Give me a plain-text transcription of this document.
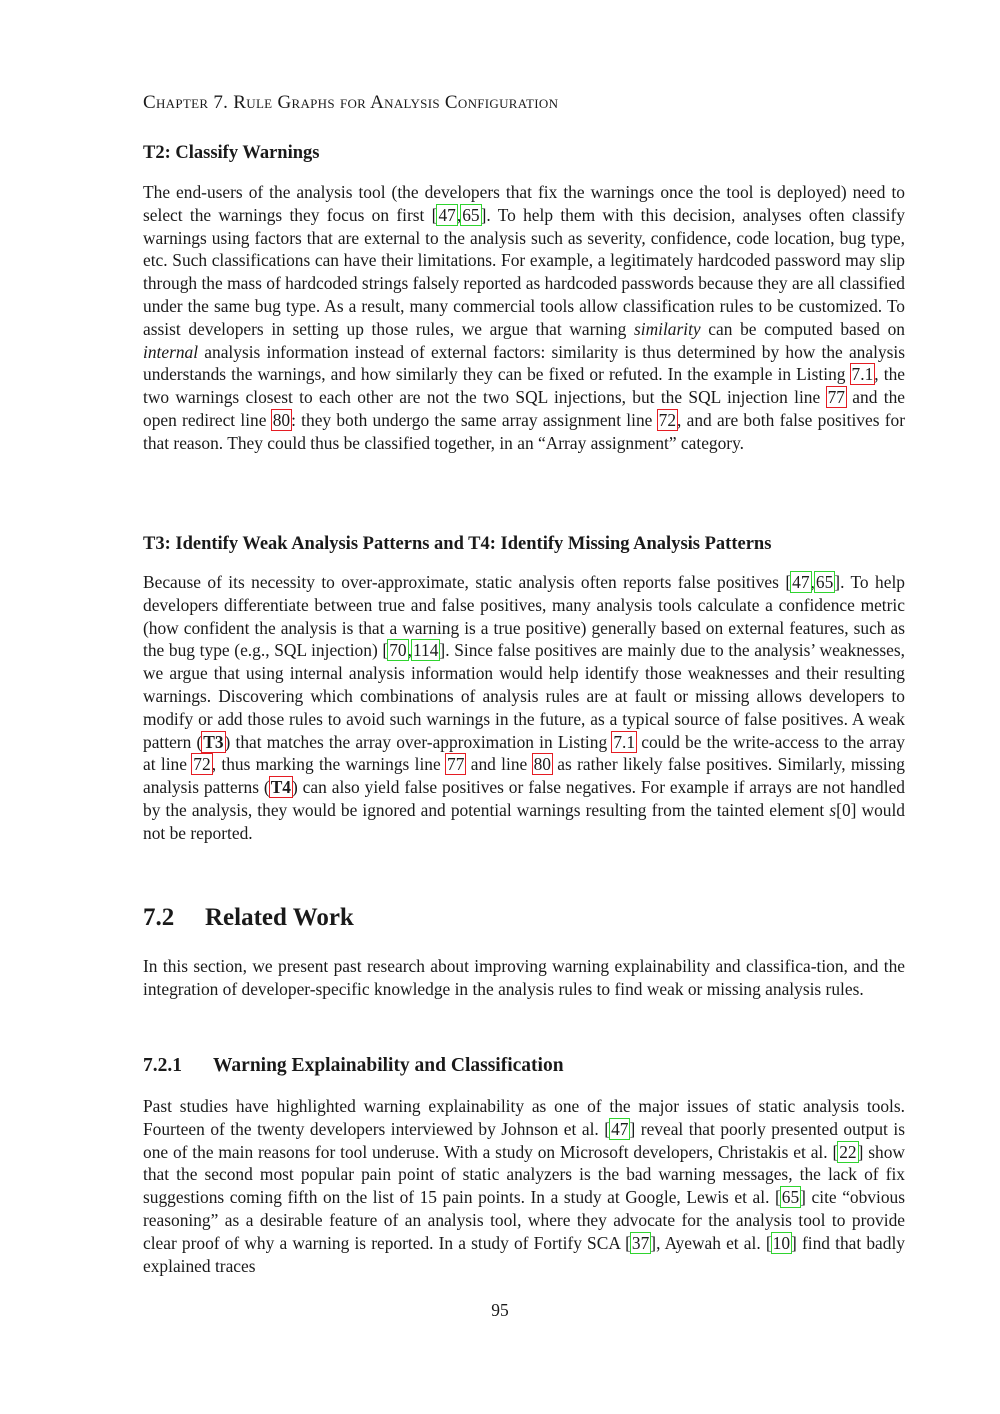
Chapter 7. Rule Graphs for Analysis Configuration
T2: Classify Warnings

The end-users of the analysis tool (the developers that fix the warnings once the tool is deployed) need to select the warnings they focus on first [47,65]. To help them with this decision, analyses often classify warnings using factors that are external to the analysis such as severity, confidence, code location, bug type, etc. Such classifications can have their limitations. For example, a legitimately hardcoded password may slip through the mass of hardcoded strings falsely reported as hardcoded passwords because they are all classified under the same bug type. As a result, many commercial tools allow classification rules to be customized. To assist developers in setting up those rules, we argue that warning similarity can be computed based on internal analysis information instead of external factors: similarity is thus determined by how the analysis understands the warnings, and how similarly they can be fixed or refuted. In the example in Listing 7.1, the two warnings closest to each other are not the two SQL injections, but the SQL injection line 77 and the open redirect line 80: they both undergo the same array assignment line 72, and are both false positives for that reason. They could thus be classified together, in an “Array assignment” category.

T3: Identify Weak Analysis Patterns and T4: Identify Missing Analysis Patterns

Because of its necessity to over-approximate, static analysis often reports false positives [47,65]. To help developers differentiate between true and false positives, many analysis tools calculate a confidence metric (how confident the analysis is that a warning is a true positive) generally based on external features, such as the bug type (e.g., SQL injection) [70,114]. Since false positives are mainly due to the analysis’ weaknesses, we argue that using internal analysis information would help identify those weaknesses and their resulting warnings. Discovering which combinations of analysis rules are at fault or missing allows developers to modify or add those rules to avoid such warnings in the future, as a typical source of false positives. A weak pattern (T3) that matches the array over-approximation in Listing 7.1 could be the write-access to the array at line 72, thus marking the warnings line 77 and line 80 as rather likely false positives. Similarly, missing analysis patterns (T4) can also yield false positives or false negatives. For example if arrays are not handled by the analysis, they would be ignored and potential warnings resulting from the tainted element s[0] would not be reported.

7.2 Related Work

In this section, we present past research about improving warning explainability and classifica-tion, and the integration of developer-specific knowledge in the analysis rules to find weak or missing analysis rules.

7.2.1 Warning Explainability and Classification

Past studies have highlighted warning explainability as one of the major issues of static analysis tools. Fourteen of the twenty developers interviewed by Johnson et al. [47] reveal that poorly presented output is one of the main reasons for tool underuse. With a study on Microsoft developers, Christakis et al. [22] show that the second most popular pain point of static analyzers is the bad warning messages, the lack of fix suggestions coming fifth on the list of 15 pain points. In a study at Google, Lewis et al. [65] cite “obvious reasoning” as a desirable feature of an analysis tool, where they advocate for the analysis tool to provide clear proof of why a warning is reported. In a study of Fortify SCA [37], Ayewah et al. [10] find that badly explained traces

95
